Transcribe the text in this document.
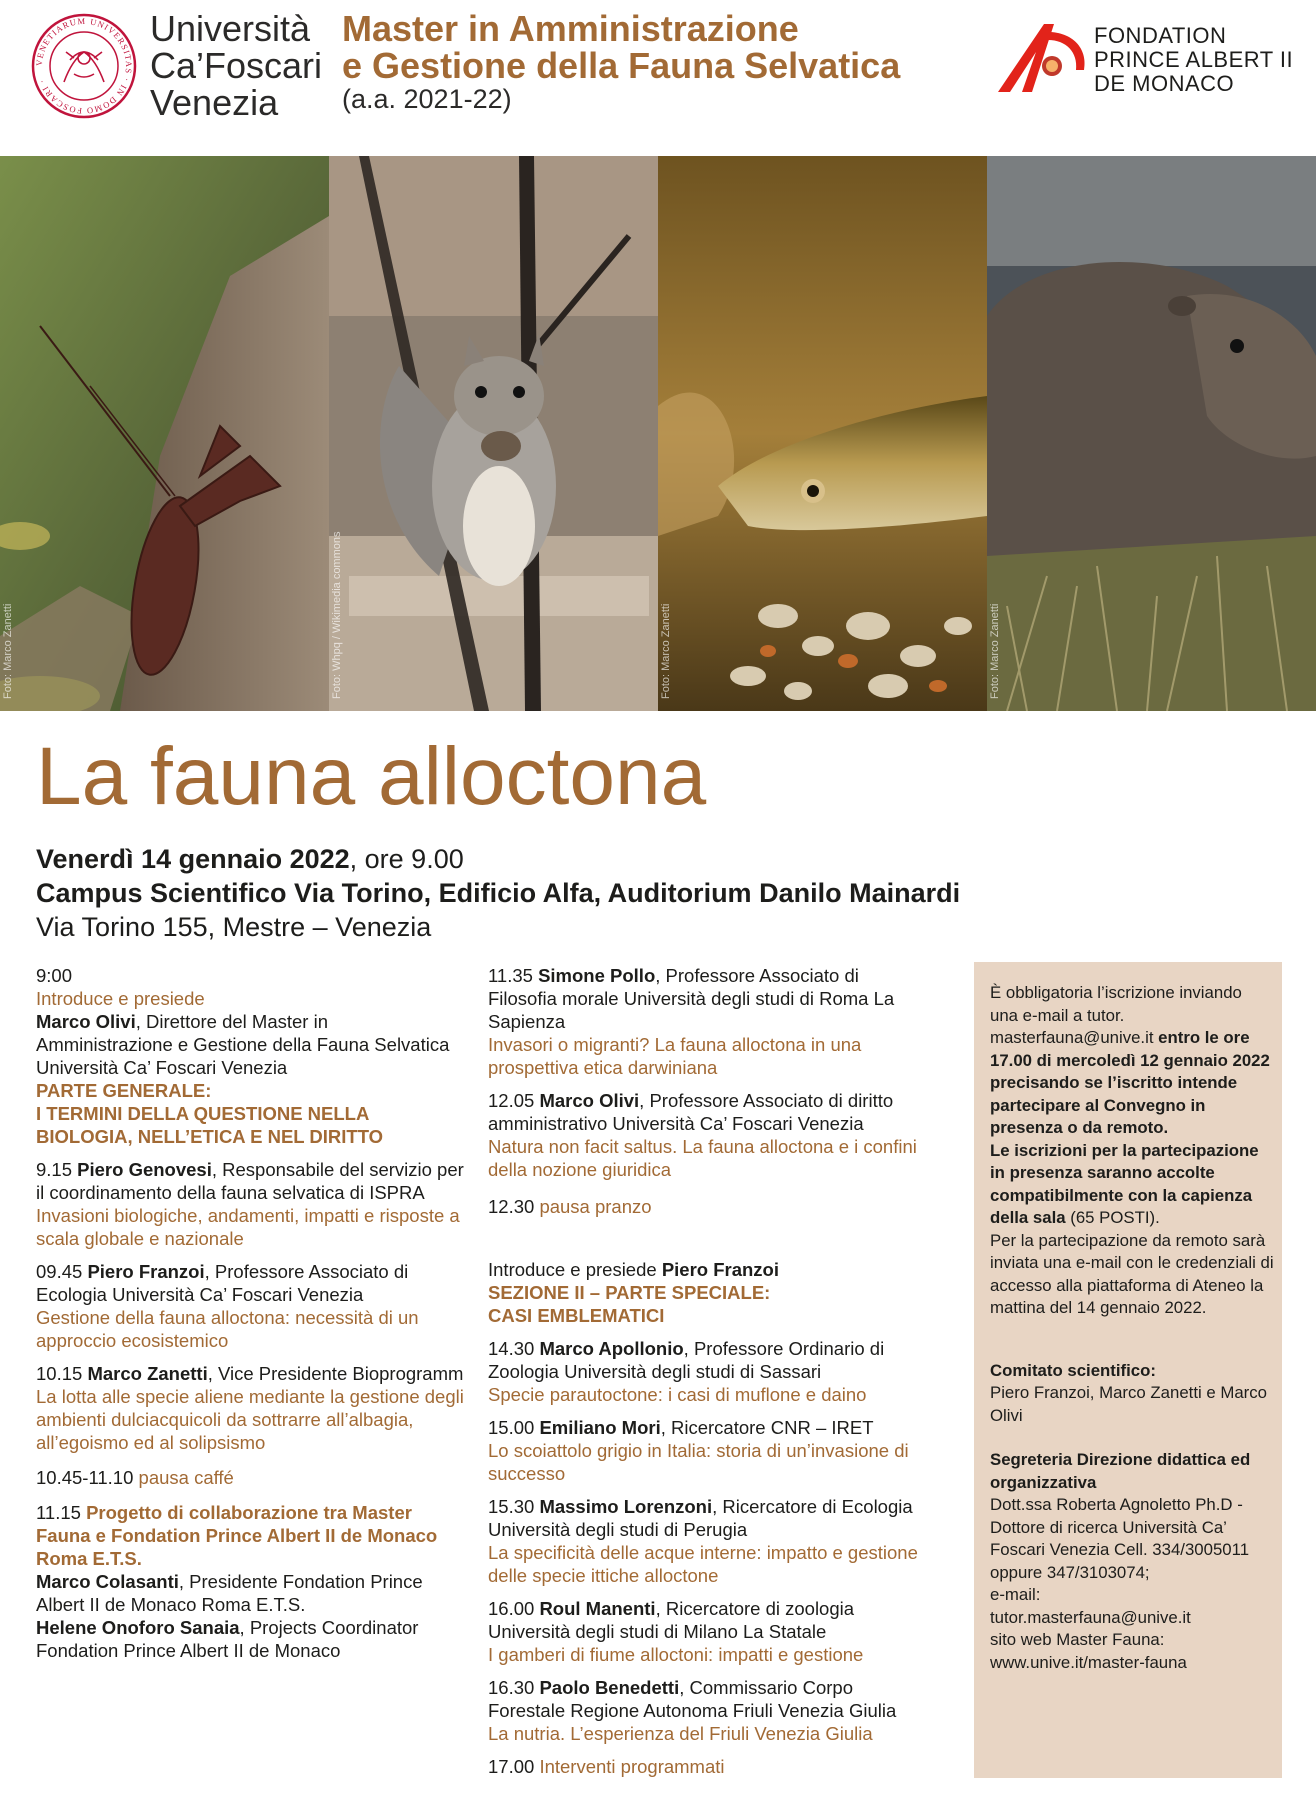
VENETIARUM UNIVERSITAS · IN DOMO FOSCARI ·
Università
Ca’Foscari
Venezia
Master in Amministrazione
e Gestione della Fauna Selvatica
(a.a. 2021-22)
FONDATION
PRINCE ALBERT II
DE MONACO
Foto: Marco Zanetti	Foto: Whpq / Wikimedia commons	Foto: Marco Zanetti	Foto: Marco Zanetti
La fauna alloctona
Venerdì 14 gennaio 2022, ore 9.00
Campus Scientifico Via Torino, Edificio Alfa, Auditorium Danilo Mainardi
Via Torino 155, Mestre – Venezia

9:00
Introduce e presiede
Marco Olivi, Direttore del Master in Amministrazione e Gestione della Fauna Selvatica Università Ca’ Foscari Venezia

PARTE GENERALE:
I TERMINI DELLA QUESTIONE NELLA
BIOLOGIA, NELL’ETICA E NEL DIRITTO

9.15 Piero Genovesi, Responsabile del servizio per il coordinamento della fauna selvatica di ISPRA
Invasioni biologiche, andamenti, impatti e risposte a scala globale e nazionale

09.45 Piero Franzoi, Professore Associato di Ecologia Università Ca’ Foscari Venezia
Gestione della fauna alloctona: necessità di un approccio ecosistemico

10.15 Marco Zanetti, Vice Presidente Bioprogramm
La lotta alle specie aliene mediante la gestione degli ambienti dulciacquicoli da sottrarre all’albagia, all’egoismo ed al solipsismo

10.45-11.10 pausa caffé

11.15 Progetto di collaborazione tra Master Fauna e Fondation Prince Albert II de Monaco Roma E.T.S.
Marco Colasanti, Presidente Fondation Prince Albert II de Monaco Roma E.T.S.
Helene Onoforo Sanaia, Projects Coordinator Fondation Prince Albert II de Monaco

11.35 Simone Pollo, Professore Associato di Filosofia morale Università degli studi di Roma La Sapienza
Invasori o migranti? La fauna alloctona in una prospettiva etica darwiniana

12.05 Marco Olivi, Professore Associato di diritto amministrativo Università Ca’ Foscari Venezia
Natura non facit saltus. La fauna alloctona e i confini della nozione giuridica

12.30 pausa pranzo

Introduce e presiede Piero Franzoi
SEZIONE II – PARTE SPECIALE:
CASI EMBLEMATICI

14.30 Marco Apollonio, Professore Ordinario di Zoologia Università degli studi di Sassari
Specie parautoctone: i casi di muflone e daino

15.00 Emiliano Mori, Ricercatore CNR – IRET
Lo scoiattolo grigio in Italia: storia di un’invasione di successo

15.30 Massimo Lorenzoni, Ricercatore di Ecologia Università degli studi di Perugia
La specificità delle acque interne: impatto e gestione delle specie ittiche alloctone

16.00 Roul Manenti, Ricercatore di zoologia Università degli studi di Milano La Statale
I gamberi di fiume alloctoni: impatti e gestione

16.30 Paolo Benedetti, Commissario Corpo Forestale Regione Autonoma Friuli Venezia Giulia
La nutria. L’esperienza del Friuli Venezia Giulia

17.00 Interventi programmati

È obbligatoria l’iscrizione inviando una e-mail a tutor. masterfauna@unive.it entro le ore 17.00 di mercoledì 12 gennaio 2022 precisando se l’iscritto intende partecipare al Convegno in presenza o da remoto.

Le iscrizioni per la partecipazione in presenza saranno accolte compatibilmente con la capienza della sala (65 POSTI).

Per la partecipazione da remoto sarà inviata una e-mail con le credenziali di accesso alla piattaforma di Ateneo la mattina del 14 gennaio 2022.

Comitato scientifico:
Piero Franzoi, Marco Zanetti e Marco Olivi

Segreteria Direzione didattica ed organizzativa
Dott.ssa Roberta Agnoletto Ph.D - Dottore di ricerca Università Ca’ Foscari Venezia Cell. 334/3005011 oppure 347/3103074;
e-mail:
tutor.masterfauna@unive.it
sito web Master Fauna:
www.unive.it/master-fauna
